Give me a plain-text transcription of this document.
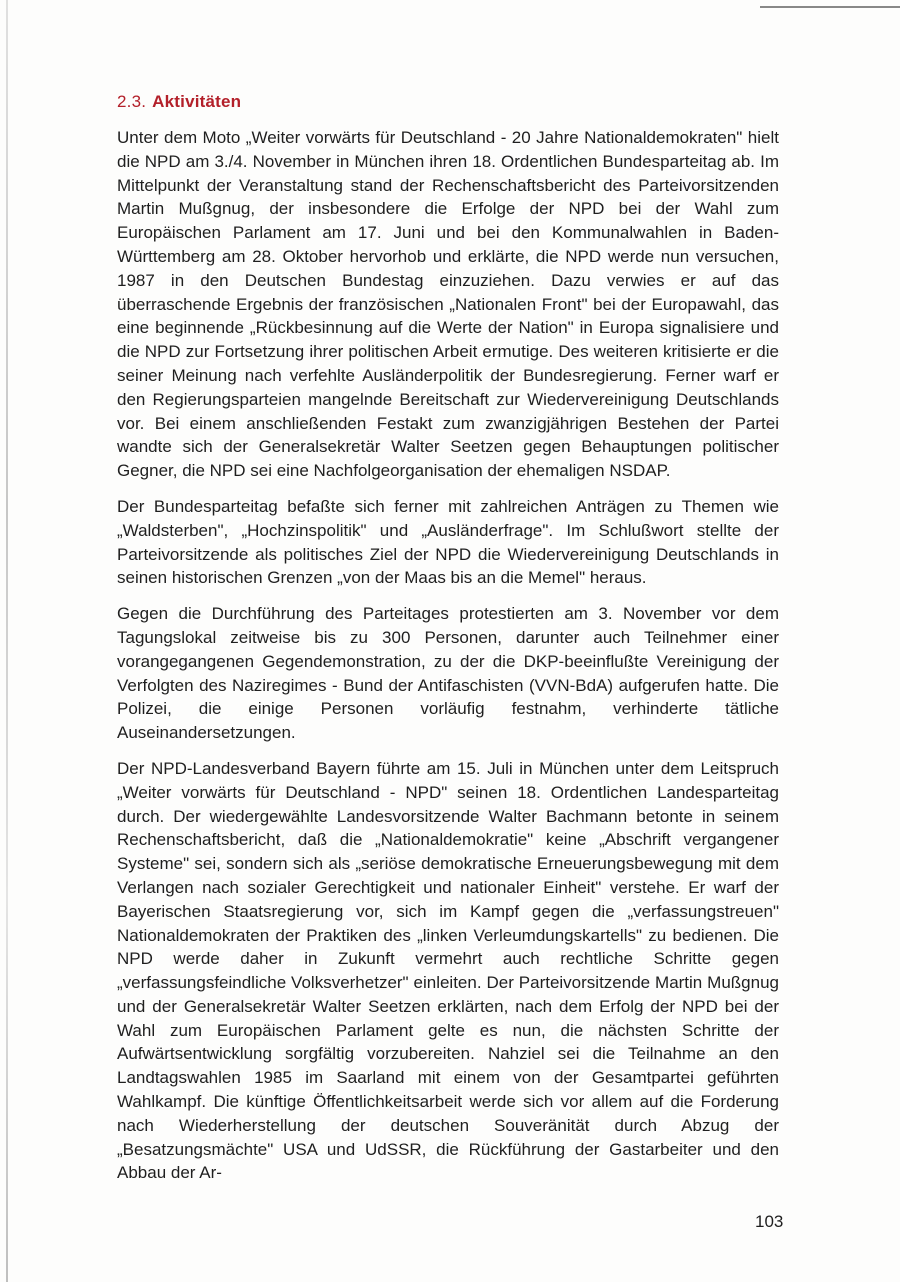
2.3. Aktivitäten

Unter dem Moto „Weiter vorwärts für Deutschland - 20 Jahre Nationaldemokraten" hielt die NPD am 3./4. November in München ihren 18. Ordentlichen Bundesparteitag ab. Im Mittelpunkt der Veranstaltung stand der Rechenschaftsbericht des Parteivorsitzenden Martin Mußgnug, der insbesondere die Erfolge der NPD bei der Wahl zum Europäischen Parlament am 17. Juni und bei den Kommunalwahlen in Baden-Württemberg am 28. Oktober hervorhob und erklärte, die NPD werde nun versuchen, 1987 in den Deutschen Bundestag einzuziehen. Dazu verwies er auf das überraschende Ergebnis der französischen „Nationalen Front" bei der Europawahl, das eine beginnende „Rückbesinnung auf die Werte der Nation" in Europa signalisiere und die NPD zur Fortsetzung ihrer politischen Arbeit ermutige. Des weiteren kritisierte er die seiner Meinung nach verfehlte Ausländerpolitik der Bundesregierung. Ferner warf er den Regierungsparteien mangelnde Bereitschaft zur Wiedervereinigung Deutschlands vor. Bei einem anschließenden Festakt zum zwanzigjährigen Bestehen der Partei wandte sich der Generalsekretär Walter Seetzen gegen Behauptungen politischer Gegner, die NPD sei eine Nachfolgeorganisation der ehemaligen NSDAP.

Der Bundesparteitag befaßte sich ferner mit zahlreichen Anträgen zu Themen wie „Waldsterben", „Hochzinspolitik" und „Ausländerfrage". Im Schlußwort stellte der Parteivorsitzende als politisches Ziel der NPD die Wiedervereinigung Deutschlands in seinen historischen Grenzen „von der Maas bis an die Memel" heraus.

Gegen die Durchführung des Parteitages protestierten am 3. November vor dem Tagungslokal zeitweise bis zu 300 Personen, darunter auch Teilnehmer einer vorangegangenen Gegendemonstration, zu der die DKP-beeinflußte Vereinigung der Verfolgten des Naziregimes - Bund der Antifaschisten (VVN-BdA) aufgerufen hatte. Die Polizei, die einige Personen vorläufig festnahm, verhinderte tätliche Auseinandersetzungen.

Der NPD-Landesverband Bayern führte am 15. Juli in München unter dem Leitspruch „Weiter vorwärts für Deutschland - NPD" seinen 18. Ordentlichen Landesparteitag durch. Der wiedergewählte Landesvorsitzende Walter Bachmann betonte in seinem Rechenschaftsbericht, daß die „Nationaldemokratie" keine „Abschrift vergangener Systeme" sei, sondern sich als „seriöse demokratische Erneuerungsbewegung mit dem Verlangen nach sozialer Gerechtigkeit und nationaler Einheit" verstehe. Er warf der Bayerischen Staatsregierung vor, sich im Kampf gegen die „verfassungstreuen" Nationaldemokraten der Praktiken des „linken Verleumdungskartells" zu bedienen. Die NPD werde daher in Zukunft vermehrt auch rechtliche Schritte gegen „verfassungsfeindliche Volksverhetzer" einleiten. Der Parteivorsitzende Martin Mußgnug und der Generalsekretär Walter Seetzen erklärten, nach dem Erfolg der NPD bei der Wahl zum Europäischen Parlament gelte es nun, die nächsten Schritte der Aufwärtsentwicklung sorgfältig vorzubereiten. Nahziel sei die Teilnahme an den Landtagswahlen 1985 im Saarland mit einem von der Gesamtpartei geführten Wahlkampf. Die künftige Öffentlichkeitsarbeit werde sich vor allem auf die Forderung nach Wiederherstellung der deutschen Souveränität durch Abzug der „Besatzungsmächte" USA und UdSSR, die Rückführung der Gastarbeiter und den Abbau der Ar-

103
